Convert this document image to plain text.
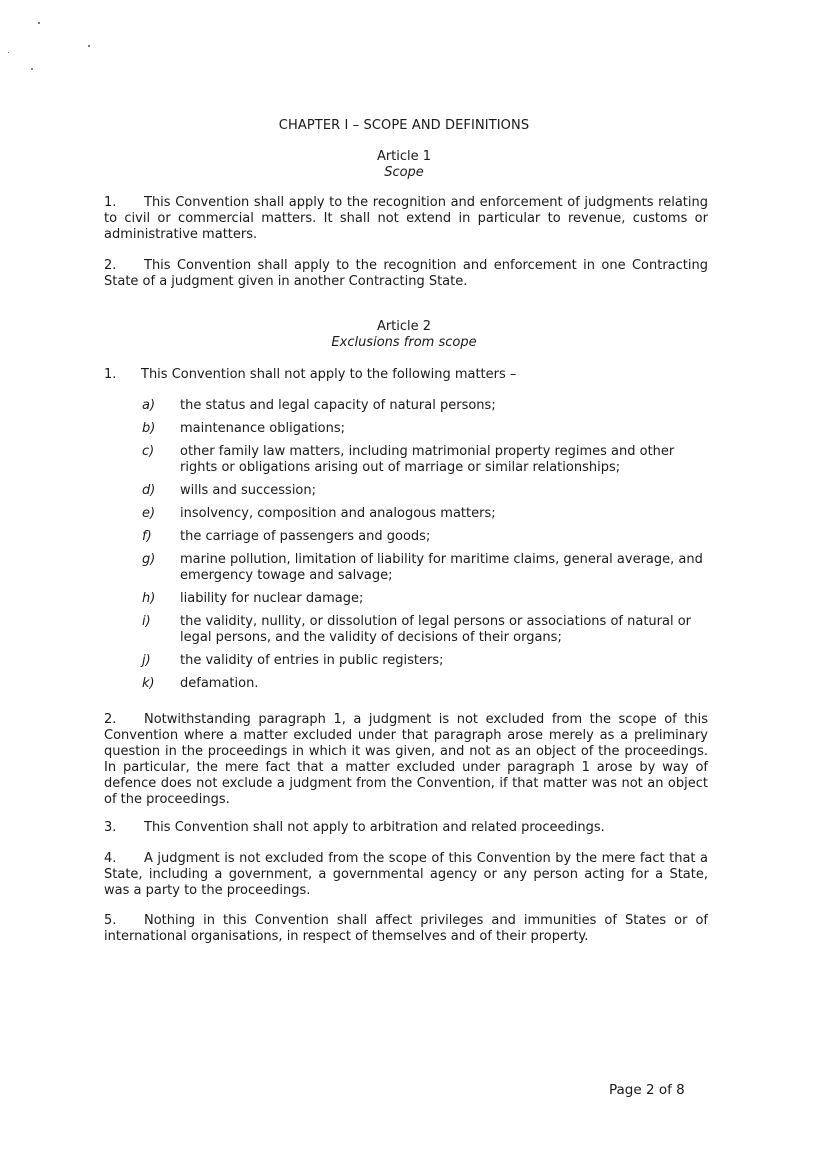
CHAPTER I – SCOPE AND DEFINITIONS
Article 1
Scope

1. This Convention shall apply to the recognition and enforcement of judgments relating to civil or commercial matters. It shall not extend in particular to revenue, customs or administrative matters.

2. This Convention shall apply to the recognition and enforcement in one Contracting State of a judgment given in another Contracting State.

Article 2
Exclusions from scope
1. This Convention shall not apply to the following matters –
a) the status and legal capacity of natural persons;
b) maintenance obligations;
c) other family law matters, including matrimonial property regimes and other rights or obligations arising out of marriage or similar relationships;
d) wills and succession;
e) insolvency, composition and analogous matters;
f) the carriage of passengers and goods;
g) marine pollution, limitation of liability for maritime claims, general average, and emergency towage and salvage;
h) liability for nuclear damage;
i) the validity, nullity, or dissolution of legal persons or associations of natural or legal persons, and the validity of decisions of their organs;
j) the validity of entries in public registers;
k) defamation.

2. Notwithstanding paragraph 1, a judgment is not excluded from the scope of this Convention where a matter excluded under that paragraph arose merely as a preliminary question in the proceedings in which it was given, and not as an object of the proceedings. In particular, the mere fact that a matter excluded under paragraph 1 arose by way of defence does not exclude a judgment from the Convention, if that matter was not an object of the proceedings.

3. This Convention shall not apply to arbitration and related proceedings.

4. A judgment is not excluded from the scope of this Convention by the mere fact that a State, including a government, a governmental agency or any person acting for a State, was a party to the proceedings.

5. Nothing in this Convention shall affect privileges and immunities of States or of international organisations, in respect of themselves and of their property.

Page 2 of 8
